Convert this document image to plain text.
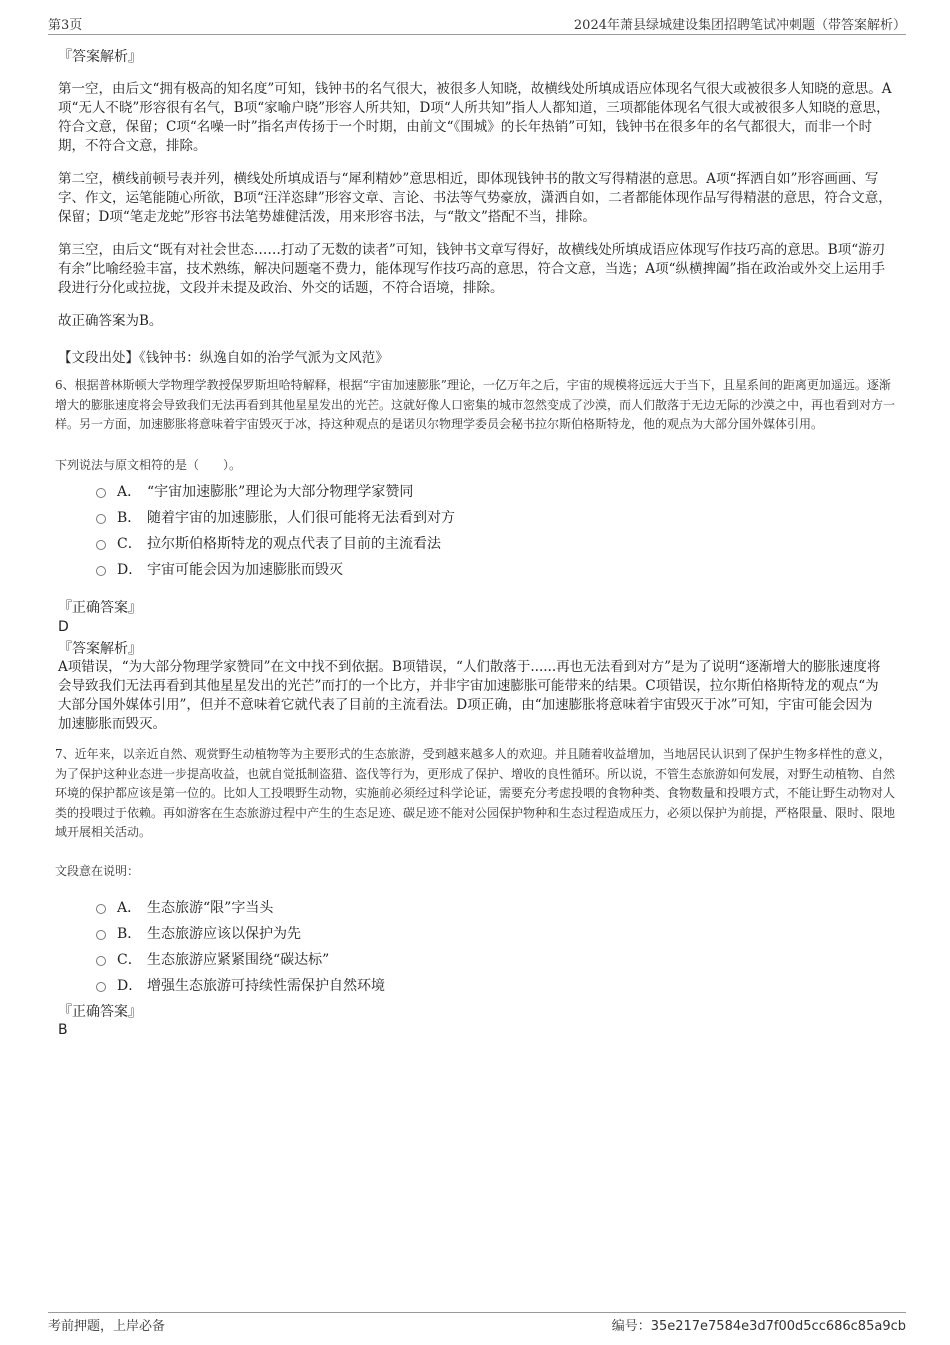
第3页	2024年萧县绿城建设集团招聘笔试冲刺题（带答案解析）
『答案解析』

第一空，由后文“拥有极高的知名度”可知，钱钟书的名气很大，被很多人知晓，故横线处所填成语应体现名气很大或被很多人知晓的意思。A项“无人不晓”形容很有名气，B项“家喻户晓”形容人所共知，D项“人所共知”指人人都知道，三项都能体现名气很大或被很多人知晓的意思，符合文意，保留；C项“名噪一时”指名声传扬于一个时期，由前文“《围城》的长年热销”可知，钱钟书在很多年的名气都很大，而非一个时期，不符合文意，排除。

第二空，横线前顿号表并列，横线处所填成语与“犀利精妙”意思相近，即体现钱钟书的散文写得精湛的意思。A项“挥洒自如”形容画画、写字、作文，运笔能随心所欲，B项“汪洋恣肆”形容文章、言论、书法等气势豪放，潇洒自如，二者都能体现作品写得精湛的意思，符合文意，保留；D项“笔走龙蛇”形容书法笔势雄健活泼，用来形容书法，与“散文”搭配不当，排除。

第三空，由后文“既有对社会世态……打动了无数的读者”可知，钱钟书文章写得好，故横线处所填成语应体现写作技巧高的意思。B项“游刃有余”比喻经验丰富，技术熟练，解决问题毫不费力，能体现写作技巧高的意思，符合文意，当选；A项“纵横捭阖”指在政治或外交上运用手段进行分化或拉拢，文段并未提及政治、外交的话题，不符合语境，排除。

故正确答案为B。

【文段出处】《钱钟书：纵逸自如的治学气派为文风范》

6、根据普林斯顿大学物理学教授保罗斯坦哈特解释，根据“宇宙加速膨胀”理论，一亿万年之后，宇宙的规模将远远大于当下，且星系间的距离更加遥远。逐渐增大的膨胀速度将会导致我们无法再看到其他星星发出的光芒。这就好像人口密集的城市忽然变成了沙漠，而人们散落于无边无际的沙漠之中，再也看到对方一样。另一方面，加速膨胀将意味着宇宙毁灭于冰，持这种观点的是诺贝尔物理学委员会秘书拉尔斯伯格斯特龙，他的观点为大部分国外媒体引用。
下列说法与原文相符的是（　　）。
A． “宇宙加速膨胀”理论为大部分物理学家赞同
B． 随着宇宙的加速膨胀，人们很可能将无法看到对方
C． 拉尔斯伯格斯特龙的观点代表了目前的主流看法
D． 宇宙可能会因为加速膨胀而毁灭
『正确答案』
D
『答案解析』
A项错误，“为大部分物理学家赞同”在文中找不到依据。B项错误，“人们散落于......再也无法看到对方”是为了说明“逐渐增大的膨胀速度将会导致我们无法再看到其他星星发出的光芒”而打的一个比方，并非宇宙加速膨胀可能带来的结果。C项错误，拉尔斯伯格斯特龙的观点“为大部分国外媒体引用”，但并不意味着它就代表了目前的主流看法。D项正确，由“加速膨胀将意味着宇宙毁灭于冰”可知，宇宙可能会因为加速膨胀而毁灭。
7、近年来，以亲近自然、观赏野生动植物等为主要形式的生态旅游，受到越来越多人的欢迎。并且随着收益增加，当地居民认识到了保护生物多样性的意义，为了保护这种业态进一步提高收益，也就自觉抵制盗猎、盗伐等行为，更形成了保护、增收的良性循环。所以说，不管生态旅游如何发展，对野生动植物、自然环境的保护都应该是第一位的。比如人工投喂野生动物，实施前必须经过科学论证，需要充分考虑投喂的食物种类、食物数量和投喂方式，不能让野生动物对人类的投喂过于依赖。再如游客在生态旅游过程中产生的生态足迹、碳足迹不能对公园保护物种和生态过程造成压力，必须以保护为前提，严格限量、限时、限地域开展相关活动。
文段意在说明：
A． 生态旅游“限”字当头
B． 生态旅游应该以保护为先
C． 生态旅游应紧紧围绕“碳达标”
D． 增强生态旅游可持续性需保护自然环境
『正确答案』
B
考前押题，上岸必备	编号：35e217e7584e3d7f00d5cc686c85a9cb
